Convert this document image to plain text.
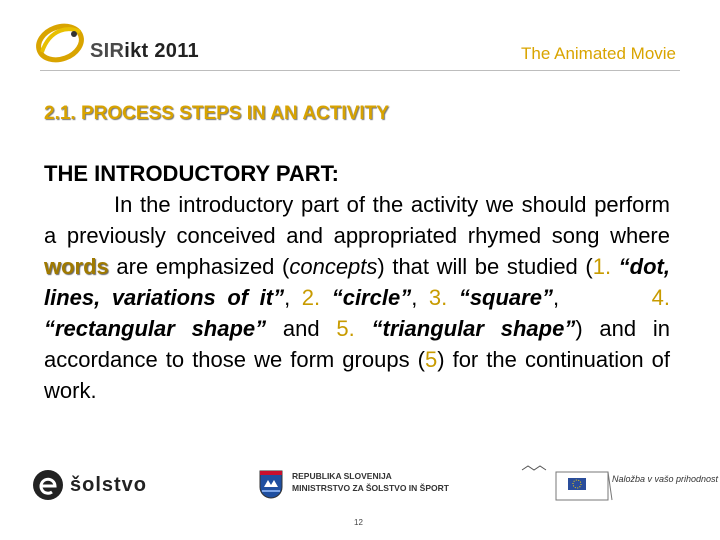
SIRikt 2011	The Animated Movie
2.1. PROCESS STEPS IN AN ACTIVITY
THE INTRODUCTORY PART:
In the introductory part of the activity we should perform a previously conceived and appropriated rhymed song where words are emphasized (concepts) that will be studied (1. “dot, lines, variations of it”, 2. “circle”, 3. “square”,        4. “rectangular shape” and 5. “triangular shape”) and in accordance to those we form groups (5) for the continuation of work.
šolstvo	REPUBLIKA SLOVENIJA
MINISTRSTVO ZA ŠOLSTVO IN ŠPORT
Naložba v vašo prihodnost
12
